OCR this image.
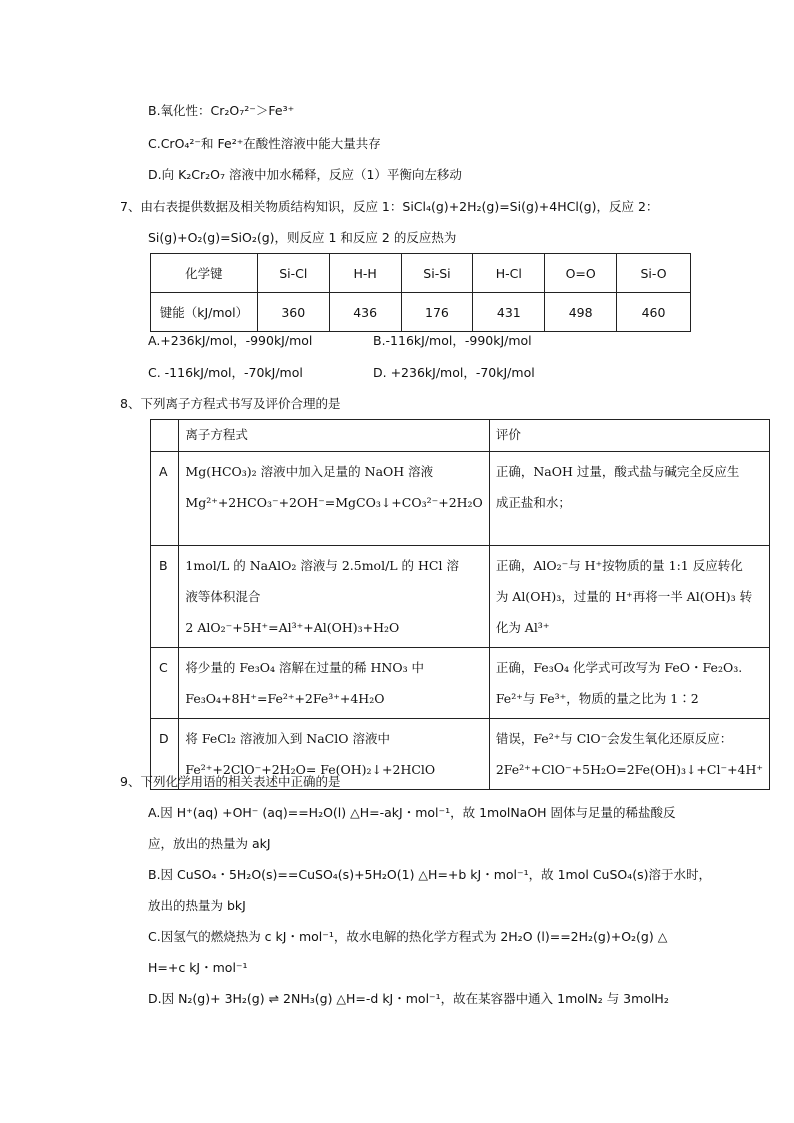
B.氧化性：Cr₂O₇²⁻＞Fe³⁺
C.CrO₄²⁻和 Fe²⁺在酸性溶液中能大量共存
D.向 K₂Cr₂O₇ 溶液中加水稀释，反应（1）平衡向左移动
7、由右表提供数据及相关物质结构知识，反应 1：SiCl₄(g)+2H₂(g)=Si(g)+4HCl(g)，反应 2：
Si(g)+O₂(g)=SiO₂(g)，则反应 1 和反应 2 的反应热为
化学键	Si-Cl	H-H	Si-Si	H-Cl	O=O	Si-O
键能（kJ/mol）	360	436	176	431	498	460
A.+236kJ/mol，-990kJ/mol	B.-116kJ/mol，-990kJ/mol
C. -116kJ/mol，-70kJ/mol	D. +236kJ/mol，-70kJ/mol
8、下列离子方程式书写及评价合理的是
	离子方程式	评价
A	Mg(HCO₃)₂ 溶液中加入足量的 NaOH 溶液
Mg²⁺+2HCO₃⁻+2OH⁻=MgCO₃↓+CO₃²⁻+2H₂O	正确，NaOH 过量，酸式盐与碱完全反应生
成正盐和水；

B	1mol/L 的 NaAlO₂ 溶液与 2.5mol/L 的 HCl 溶
液等体积混合
2 AlO₂⁻+5H⁺=Al³⁺+Al(OH)₃+H₂O	正确，AlO₂⁻与 H⁺按物质的量 1:1 反应转化
为 Al(OH)₃，过量的 H⁺再将一半 Al(OH)₃ 转
化为 Al³⁺

C	将少量的 Fe₃O₄ 溶解在过量的稀 HNO₃ 中
Fe₃O₄+8H⁺=Fe²⁺+2Fe³⁺+4H₂O	正确，Fe₃O₄ 化学式可改写为 FeO・Fe₂O₃.
Fe²⁺与 Fe³⁺，物质的量之比为 1∶2

D	将 FeCl₂ 溶液加入到 NaClO 溶液中
Fe²⁺+2ClO⁻+2H₂O= Fe(OH)₂↓+2HClO	错误，Fe²⁺与 ClO⁻会发生氧化还原反应：
2Fe²⁺+ClO⁻+5H₂O=2Fe(OH)₃↓+Cl⁻+4H⁺
9、下列化学用语的相关表述中正确的是
A.因 H⁺(aq) +OH⁻ (aq)==H₂O(l) △H=-akJ・mol⁻¹，故 1molNaOH 固体与足量的稀盐酸反
应，放出的热量为 akJ
B.因 CuSO₄・5H₂O(s)==CuSO₄(s)+5H₂O(1) △H=+b kJ・mol⁻¹，故 1mol CuSO₄(s)溶于水时，
放出的热量为 bkJ
C.因氢气的燃烧热为 c kJ・mol⁻¹，故水电解的热化学方程式为 2H₂O (l)==2H₂(g)+O₂(g) △
H=+c kJ・mol⁻¹
D.因 N₂(g)+ 3H₂(g) ⇌ 2NH₃(g) △H=-d kJ・mol⁻¹，故在某容器中通入 1molN₂ 与 3molH₂
